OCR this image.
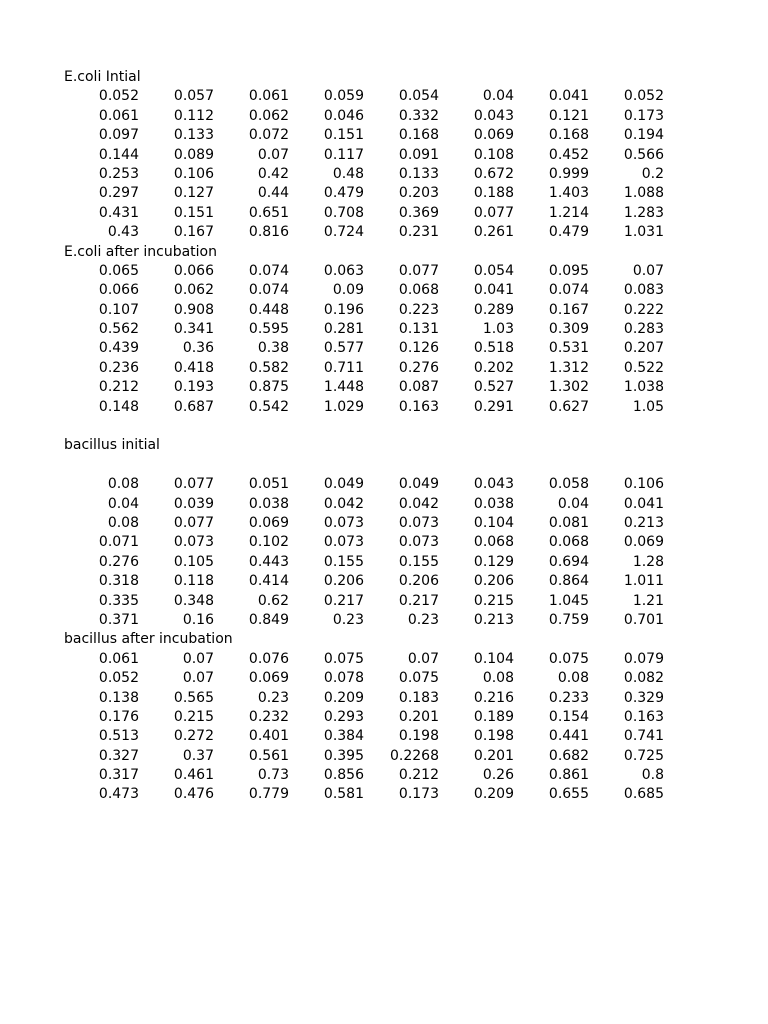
E.coli Intial
0.052	0.057	0.061	0.059	0.054	0.04	0.041	0.052
0.061	0.112	0.062	0.046	0.332	0.043	0.121	0.173
0.097	0.133	0.072	0.151	0.168	0.069	0.168	0.194
0.144	0.089	0.07	0.117	0.091	0.108	0.452	0.566
0.253	0.106	0.42	0.48	0.133	0.672	0.999	0.2
0.297	0.127	0.44	0.479	0.203	0.188	1.403	1.088
0.431	0.151	0.651	0.708	0.369	0.077	1.214	1.283
0.43	0.167	0.816	0.724	0.231	0.261	0.479	1.031
E.coli after incubation
0.065	0.066	0.074	0.063	0.077	0.054	0.095	0.07
0.066	0.062	0.074	0.09	0.068	0.041	0.074	0.083
0.107	0.908	0.448	0.196	0.223	0.289	0.167	0.222
0.562	0.341	0.595	0.281	0.131	1.03	0.309	0.283
0.439	0.36	0.38	0.577	0.126	0.518	0.531	0.207
0.236	0.418	0.582	0.711	0.276	0.202	1.312	0.522
0.212	0.193	0.875	1.448	0.087	0.527	1.302	1.038
0.148	0.687	0.542	1.029	0.163	0.291	0.627	1.05
bacillus initial
0.08	0.077	0.051	0.049	0.049	0.043	0.058	0.106
0.04	0.039	0.038	0.042	0.042	0.038	0.04	0.041
0.08	0.077	0.069	0.073	0.073	0.104	0.081	0.213
0.071	0.073	0.102	0.073	0.073	0.068	0.068	0.069
0.276	0.105	0.443	0.155	0.155	0.129	0.694	1.28
0.318	0.118	0.414	0.206	0.206	0.206	0.864	1.011
0.335	0.348	0.62	0.217	0.217	0.215	1.045	1.21
0.371	0.16	0.849	0.23	0.23	0.213	0.759	0.701
bacillus after incubation
0.061	0.07	0.076	0.075	0.07	0.104	0.075	0.079
0.052	0.07	0.069	0.078	0.075	0.08	0.08	0.082
0.138	0.565	0.23	0.209	0.183	0.216	0.233	0.329
0.176	0.215	0.232	0.293	0.201	0.189	0.154	0.163
0.513	0.272	0.401	0.384	0.198	0.198	0.441	0.741
0.327	0.37	0.561	0.395	0.2268	0.201	0.682	0.725
0.317	0.461	0.73	0.856	0.212	0.26	0.861	0.8
0.473	0.476	0.779	0.581	0.173	0.209	0.655	0.685
